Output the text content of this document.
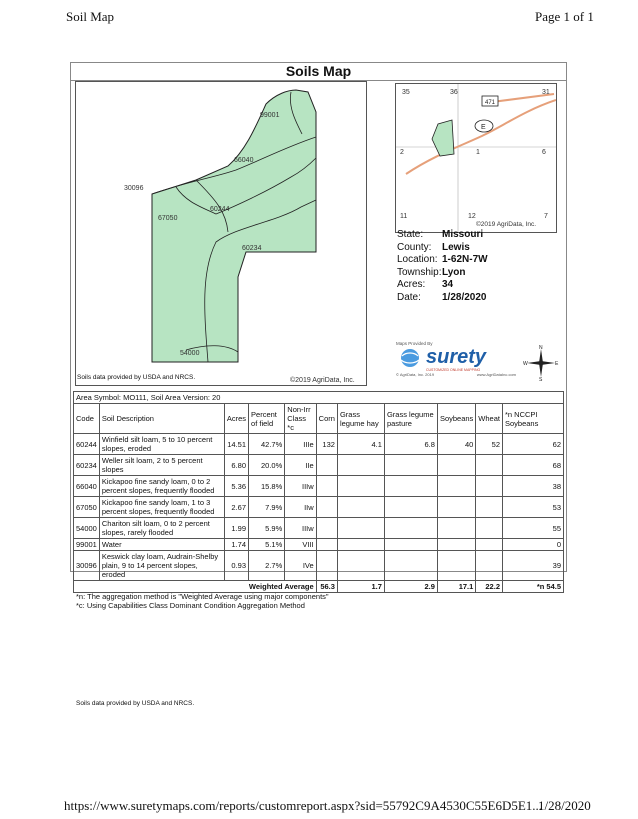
Soil Map	Page 1 of 1
Soils Map
99001
66040
30096
60244
67050
60234
54000
©2019 AgriData, Inc.
Soils data provided by USDA and NRCS.
471
E
35	36	31
2	1	6
11	12	7
©2019 AgriData, Inc.
State:	Missouri
County:	Lewis
Location: 1-62N-7W
Township: Lyon
Acres:	34
Date:	1/28/2020
Maps Provided By
surety
CUSTOMIZED ONLINE MAPPING
© AgriData, Inc. 2019	www.AgriDataInc.com
N
E
S
W
Area Symbol: MO111, Soil Area Version: 20										
Code	Soil Description	Acres	Percent of field	Non-Irr Class *c	Corn	Grass legume hay	Grass legume pasture	Soybeans	Wheat	*n NCCPI Soybeans
60244	Winfield silt loam, 5 to 10 percent slopes, eroded	14.51	42.7%	IIIe	132	4.1	6.8	40	52	62
60234	Weller silt loam, 2 to 5 percent slopes	6.80	20.0%	IIe						68
66040	Kickapoo fine sandy loam, 0 to 2 percent slopes, frequently flooded	5.36	15.8%	IIIw						38
67050	Kickapoo fine sandy loam, 1 to 3 percent slopes, frequently flooded	2.67	7.9%	IIw						53
54000	Chariton silt loam, 0 to 2 percent slopes, rarely flooded	1.99	5.9%	IIIw						55
99001	Water	1.74	5.1%	VIII						0
30096	Keswick clay loam, Audrain-Shelby plain, 9 to 14 percent slopes, eroded	0.93	2.7%	IVe						39
Weighted Average					56.3	1.7	2.9	17.1	22.2	*n 54.5
*n: The aggregation method is "Weighted Average using major components"
*c: Using Capabilities Class Dominant Condition Aggregation Method
Soils data provided by USDA and NRCS.
https://www.suretymaps.com/reports/customreport.aspx?sid=55792C9A4530C55E6D5E1...
1/28/2020
